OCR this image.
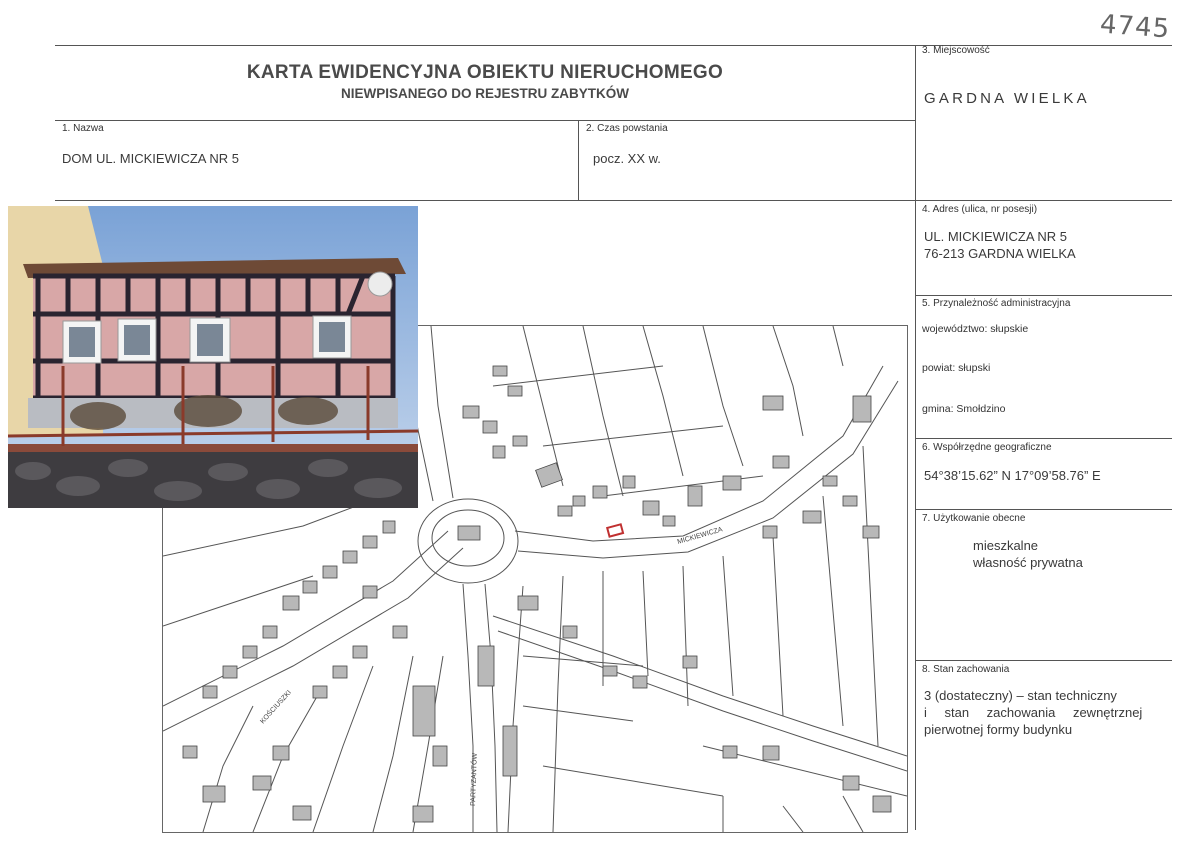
4745
KARTA EWIDENCYJNA OBIEKTU NIERUCHOMEGO
NIEWPISANEGO DO REJESTRU ZABYTKÓW
1. Nazwa
DOM UL. MICKIEWICZA NR 5
2. Czas powstania
pocz. XX w.
3. Miejscowość
GARDNA WIELKA
4. Adres (ulica, nr posesji)
UL. MICKIEWICZA NR 5
76-213 GARDNA WIELKA
5. Przynależność administracyjna
województwo: słupskie
powiat: słupski
gmina: Smołdzino
6. Współrzędne geograficzne
54°38’15.62” N 17°09’58.76” E
7. Użytkowanie obecne
mieszkalne
własność prywatna
8. Stan zachowania
3 (dostateczny) – stan techniczny
i stan zachowania zewnętrznej
pierwotnej formy budynku
MICKIEWICZA
KOŚCIUSZKI
PARTYZANTÓW
